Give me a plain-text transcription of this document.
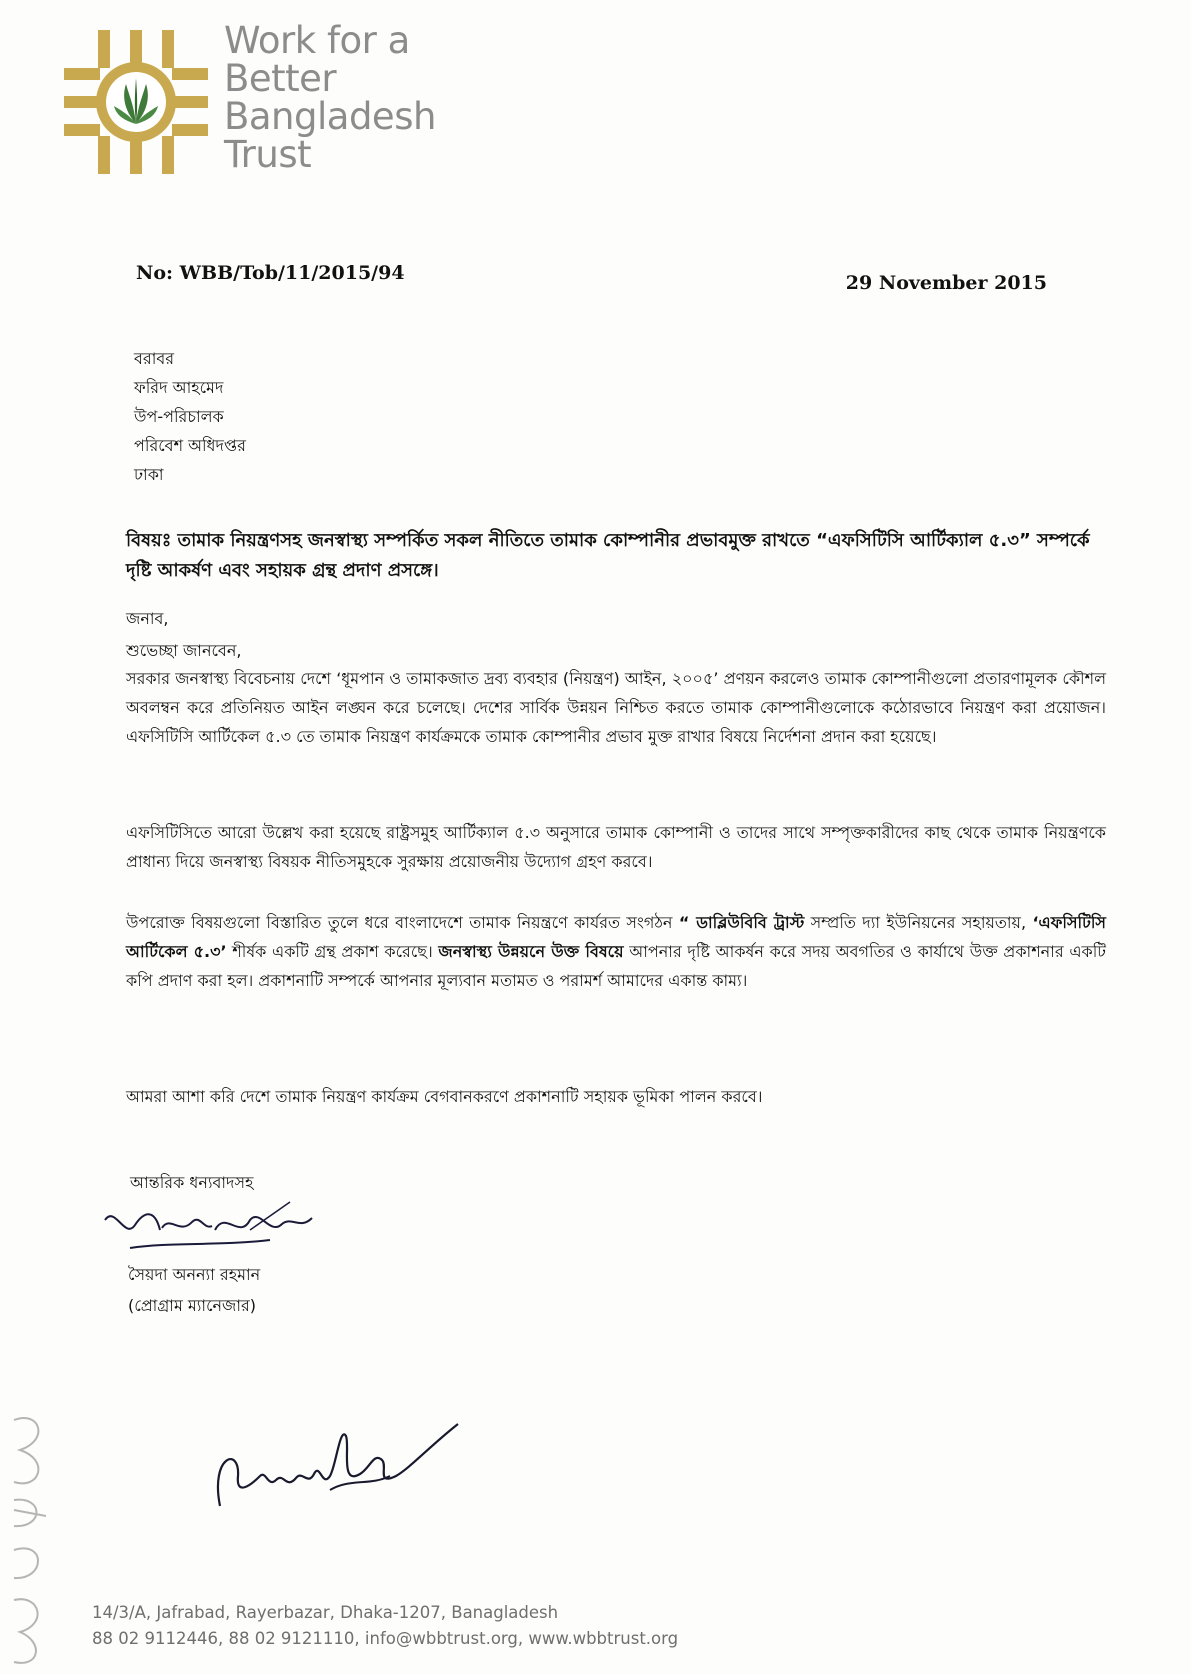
Work for a
Better
Bangladesh
Trust
No: WBB/Tob/11/2015/94	29 November 2015
বরাবর
ফরিদ আহমেদ
উপ-পরিচালক
পরিবেশ অধিদপ্তর
ঢাকা
বিষয়ঃ তামাক নিয়ন্ত্রণসহ জনস্বাস্থ্য সম্পর্কিত সকল নীতিতে তামাক কোম্পানীর প্রভাবমুক্ত রাখতে “এফসিটিসি আর্টিক্যাল ৫.৩” সম্পর্কে দৃষ্টি আকর্ষণ এবং সহায়ক গ্রন্থ প্রদাণ প্রসঙ্গে।
জনাব,
শুভেচ্ছা জানবেন,
সরকার জনস্বাস্থ্য বিবেচনায় দেশে ‘ধূমপান ও তামাকজাত দ্রব্য ব্যবহার (নিয়ন্ত্রণ) আইন, ২০০৫’ প্রণয়ন করলেও তামাক কোম্পানীগুলো প্রতারণামূলক কৌশল অবলম্বন করে প্রতিনিয়ত আইন লঙ্ঘন করে চলেছে। দেশের সার্বিক উন্নয়ন নিশ্চিত করতে তামাক কোম্পানীগুলোকে কঠোরভাবে নিয়ন্ত্রণ করা প্রয়োজন। এফসিটিসি আর্টিকেল ৫.৩ তে তামাক নিয়ন্ত্রণ কার্যক্রমকে তামাক কোম্পানীর প্রভাব মুক্ত রাখার বিষয়ে নির্দেশনা প্রদান করা হয়েছে।
এফসিটিসিতে আরো উল্লেখ করা হয়েছে রাষ্ট্রসমুহ আর্টিক্যাল ৫.৩ অনুসারে তামাক কোম্পানী ও তাদের সাথে সম্পৃক্তকারীদের কাছ থেকে তামাক নিয়ন্ত্রণকে প্রাধান্য দিয়ে জনস্বাস্থ্য বিষয়ক নীতিসমুহকে সুরক্ষায় প্রয়োজনীয় উদ্যোগ গ্রহণ করবে।
উপরোক্ত বিষয়গুলো বিস্তারিত তুলে ধরে বাংলাদেশে তামাক নিয়ন্ত্রণে কার্যরত সংগঠন “ ডাব্লিউবিবি ট্রাস্ট সম্প্রতি দ্যা ইউনিয়নের সহায়তায়, ‘এফসিটিসি আর্টিকেল ৫.৩’ শীর্ষক একটি গ্রন্থ প্রকাশ করেছে। জনস্বাস্থ্য উন্নয়নে উক্ত বিষয়ে আপনার দৃষ্টি আকর্ষন করে সদয় অবগতির ও কার্যাথে উক্ত প্রকাশনার একটি কপি প্রদাণ করা হল। প্রকাশনাটি সম্পর্কে আপনার মূল্যবান মতামত ও পরামর্শ আমাদের একান্ত কাম্য।
আমরা আশা করি দেশে তামাক নিয়ন্ত্রণ কার্যক্রম বেগবানকরণে প্রকাশনাটি সহায়ক ভূমিকা পালন করবে।
আন্তরিক ধন্যবাদসহ
সৈয়দা অনন্যা রহমান
(প্রোগ্রাম ম্যানেজার)
14/3/A, Jafrabad, Rayerbazar, Dhaka-1207, Banagladesh
88 02 9112446, 88 02 9121110, info@wbbtrust.org, www.wbbtrust.org
